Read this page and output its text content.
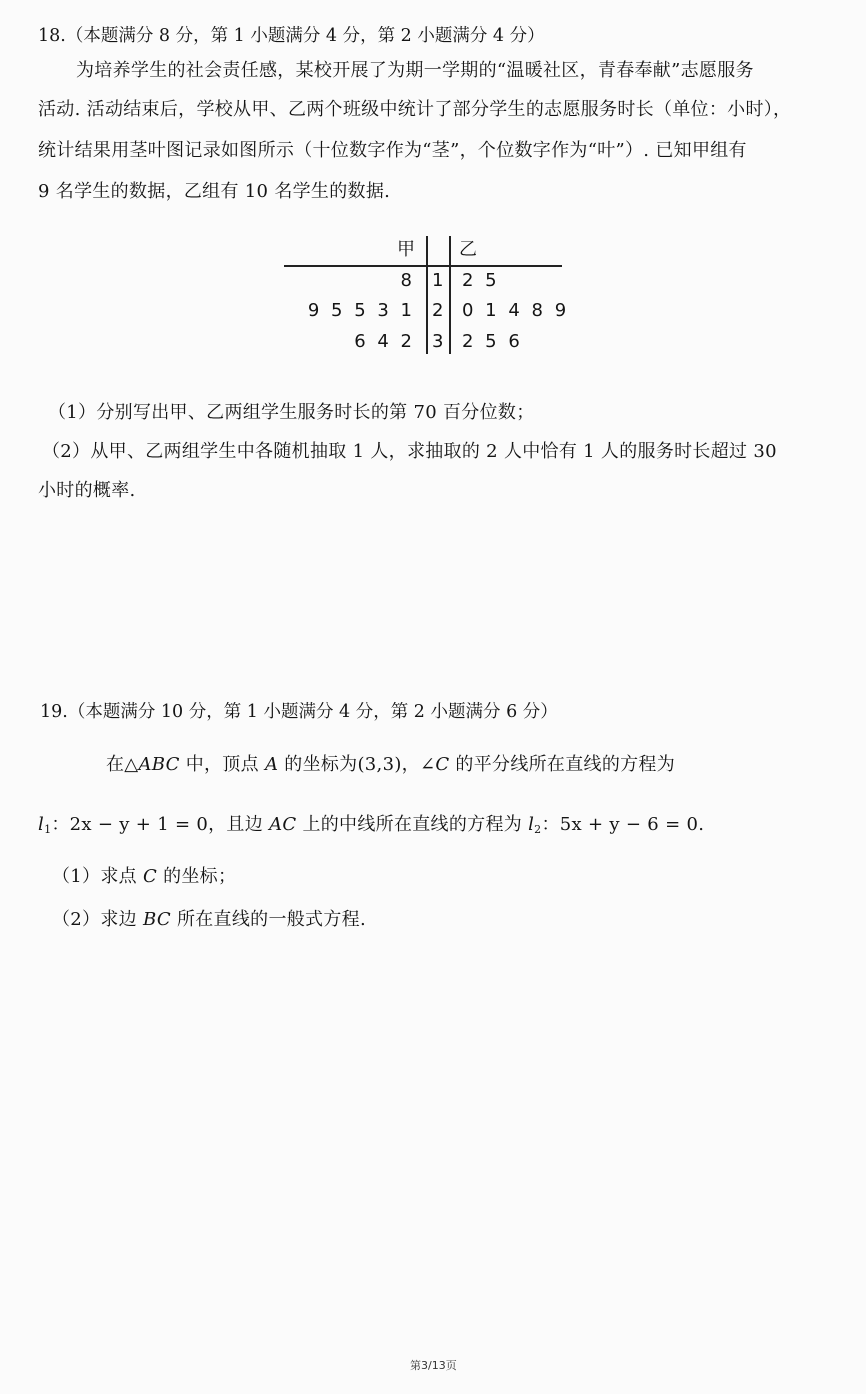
18.（本题满分 8 分，第 1 小题满分 4 分，第 2 小题满分 4 分）
为培养学生的社会责任感，某校开展了为期一学期的“温暖社区，青春奉献”志愿服务
活动. 活动结束后，学校从甲、乙两个班级中统计了部分学生的志愿服务时长（单位：小时），
统计结果用茎叶图记录如图所示（十位数字作为“茎”，个位数字作为“叶”）. 已知甲组有
9 名学生的数据，乙组有 10 名学生的数据.
甲 乙
8 1 2 5
9 5 5 3 1 2 0 1 4 8 9
6 4 2 3 2 5 6
（1）分别写出甲、乙两组学生服务时长的第 70 百分位数；
（2）从甲、乙两组学生中各随机抽取 1 人，求抽取的 2 人中恰有 1 人的服务时长超过 30
小时的概率.
19.（本题满分 10 分，第 1 小题满分 4 分，第 2 小题满分 6 分）
在△ABC 中，顶点 A 的坐标为(3,3)，∠C 的平分线所在直线的方程为
$l_1$：2x − y + 1 = 0，且边 AC 上的中线所在直线的方程为 $l_2$：5x + y − 6 = 0.
（1）求点 C 的坐标；
（2）求边 BC 所在直线的一般式方程.
第3/13页
